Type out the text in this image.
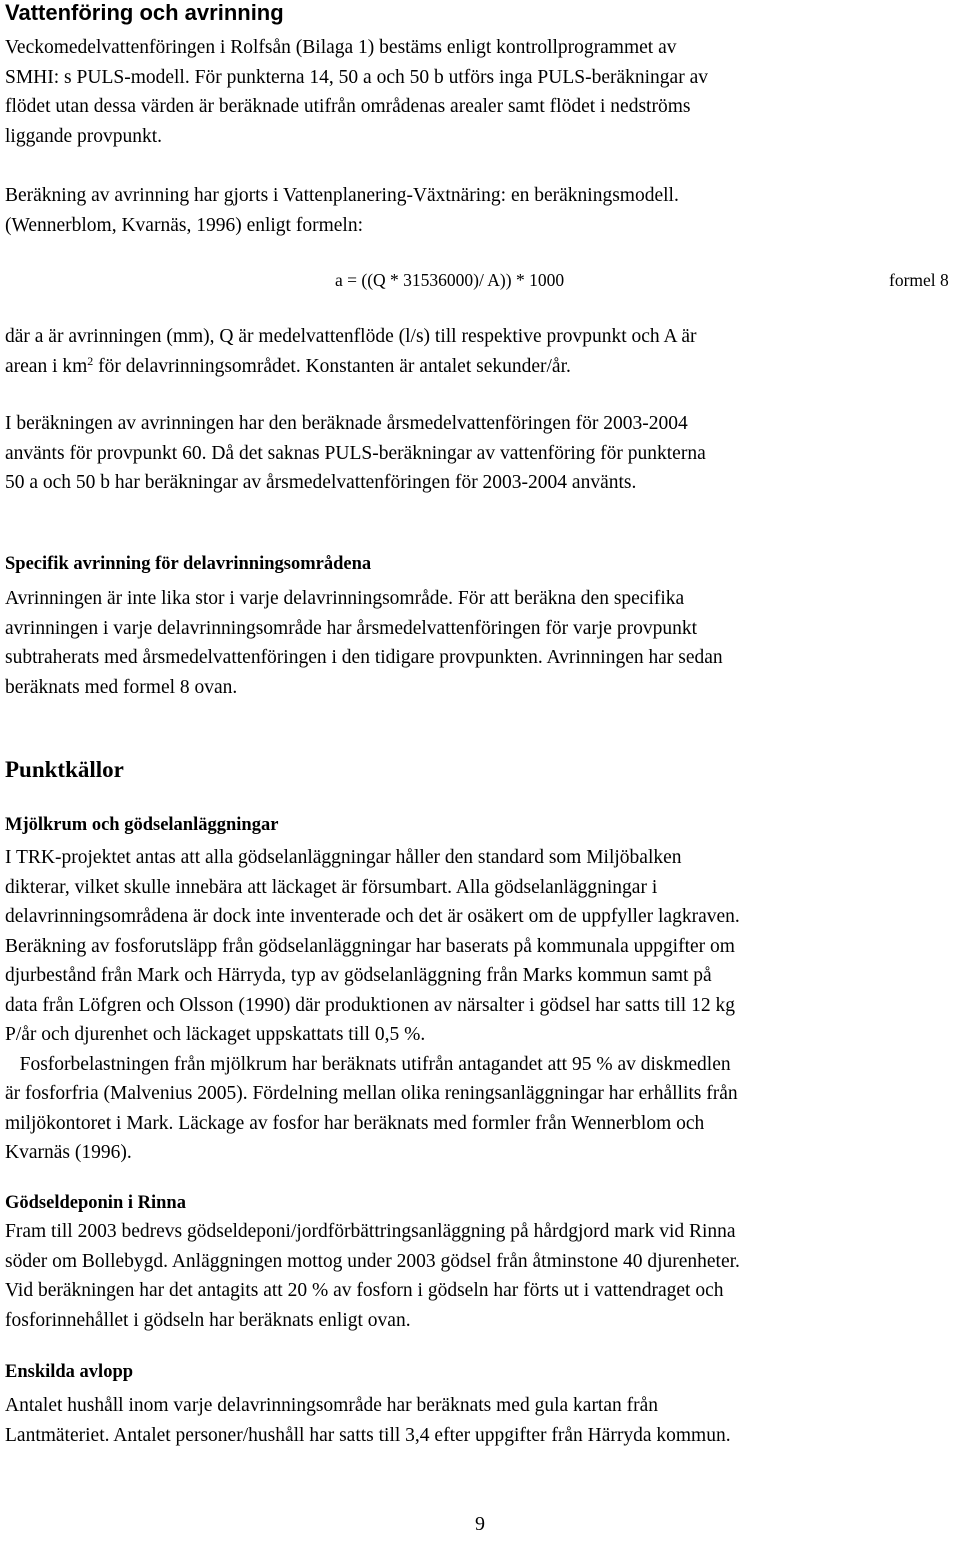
Vattenföring och avrinning

Veckomedelvattenföringen i Rolfsån (Bilaga 1) bestäms enligt kontrollprogrammet av
SMHI: s PULS-modell. För punkterna 14, 50 a och 50 b utförs inga PULS-beräkningar av
flödet utan dessa värden är beräknade utifrån områdenas arealer samt flödet i nedströms
liggande provpunkt.

Beräkning av avrinning har gjorts i Vattenplanering-Växtnäring: en beräkningsmodell.
(Wennerblom, Kvarnäs, 1996) enligt formeln:

a = ((Q * 31536000)/ A)) * 1000	formel 8

där a är avrinningen (mm), Q är medelvattenflöde (l/s) till respektive provpunkt och A är
arean i $km^2$ för delavrinningsområdet. Konstanten är antalet sekunder/år.

I beräkningen av avrinningen har den beräknade årsmedelvattenföringen för 2003-2004
använts för provpunkt 60. Då det saknas PULS-beräkningar av vattenföring för punkterna
50 a och 50 b har beräkningar av årsmedelvattenföringen för 2003-2004 använts.

Specifik avrinning för delavrinningsområdena

Avrinningen är inte lika stor i varje delavrinningsområde. För att beräkna den specifika
avrinningen i varje delavrinningsområde har årsmedelvattenföringen för varje provpunkt
subtraherats med årsmedelvattenföringen i den tidigare provpunkten. Avrinningen har sedan
beräknats med formel 8 ovan.

Punktkällor
Mjölkrum och gödselanläggningar

I TRK-projektet antas att alla gödselanläggningar håller den standard som Miljöbalken
dikterar, vilket skulle innebära att läckaget är försumbart. Alla gödselanläggningar i
delavrinningsområdena är dock inte inventerade och det är osäkert om de uppfyller lagkraven.
Beräkning av fosforutsläpp från gödselanläggningar har baserats på kommunala uppgifter om
djurbestånd från Mark och Härryda, typ av gödselanläggning från Marks kommun samt på
data från Löfgren och Olsson (1990) där produktionen av närsalter i gödsel har satts till 12 kg
P/år och djurenhet och läckaget uppskattats till 0,5 %.
Fosforbelastningen från mjölkrum har beräknats utifrån antagandet att 95 % av diskmedlen
är fosforfria (Malvenius 2005). Fördelning mellan olika reningsanläggningar har erhållits från
miljökontoret i Mark. Läckage av fosfor har beräknats med formler från Wennerblom och
Kvarnäs (1996).

Gödseldeponin i Rinna

Fram till 2003 bedrevs gödseldeponi/jordförbättringsanläggning på hårdgjord mark vid Rinna
söder om Bollebygd. Anläggningen mottog under 2003 gödsel från åtminstone 40 djurenheter.
Vid beräkningen har det antagits att 20 % av fosforn i gödseln har förts ut i vattendraget och
fosforinnehållet i gödseln har beräknats enligt ovan.

Enskilda avlopp

Antalet hushåll inom varje delavrinningsområde har beräknats med gula kartan från
Lantmäteriet. Antalet personer/hushåll har satts till 3,4 efter uppgifter från Härryda kommun.

9
